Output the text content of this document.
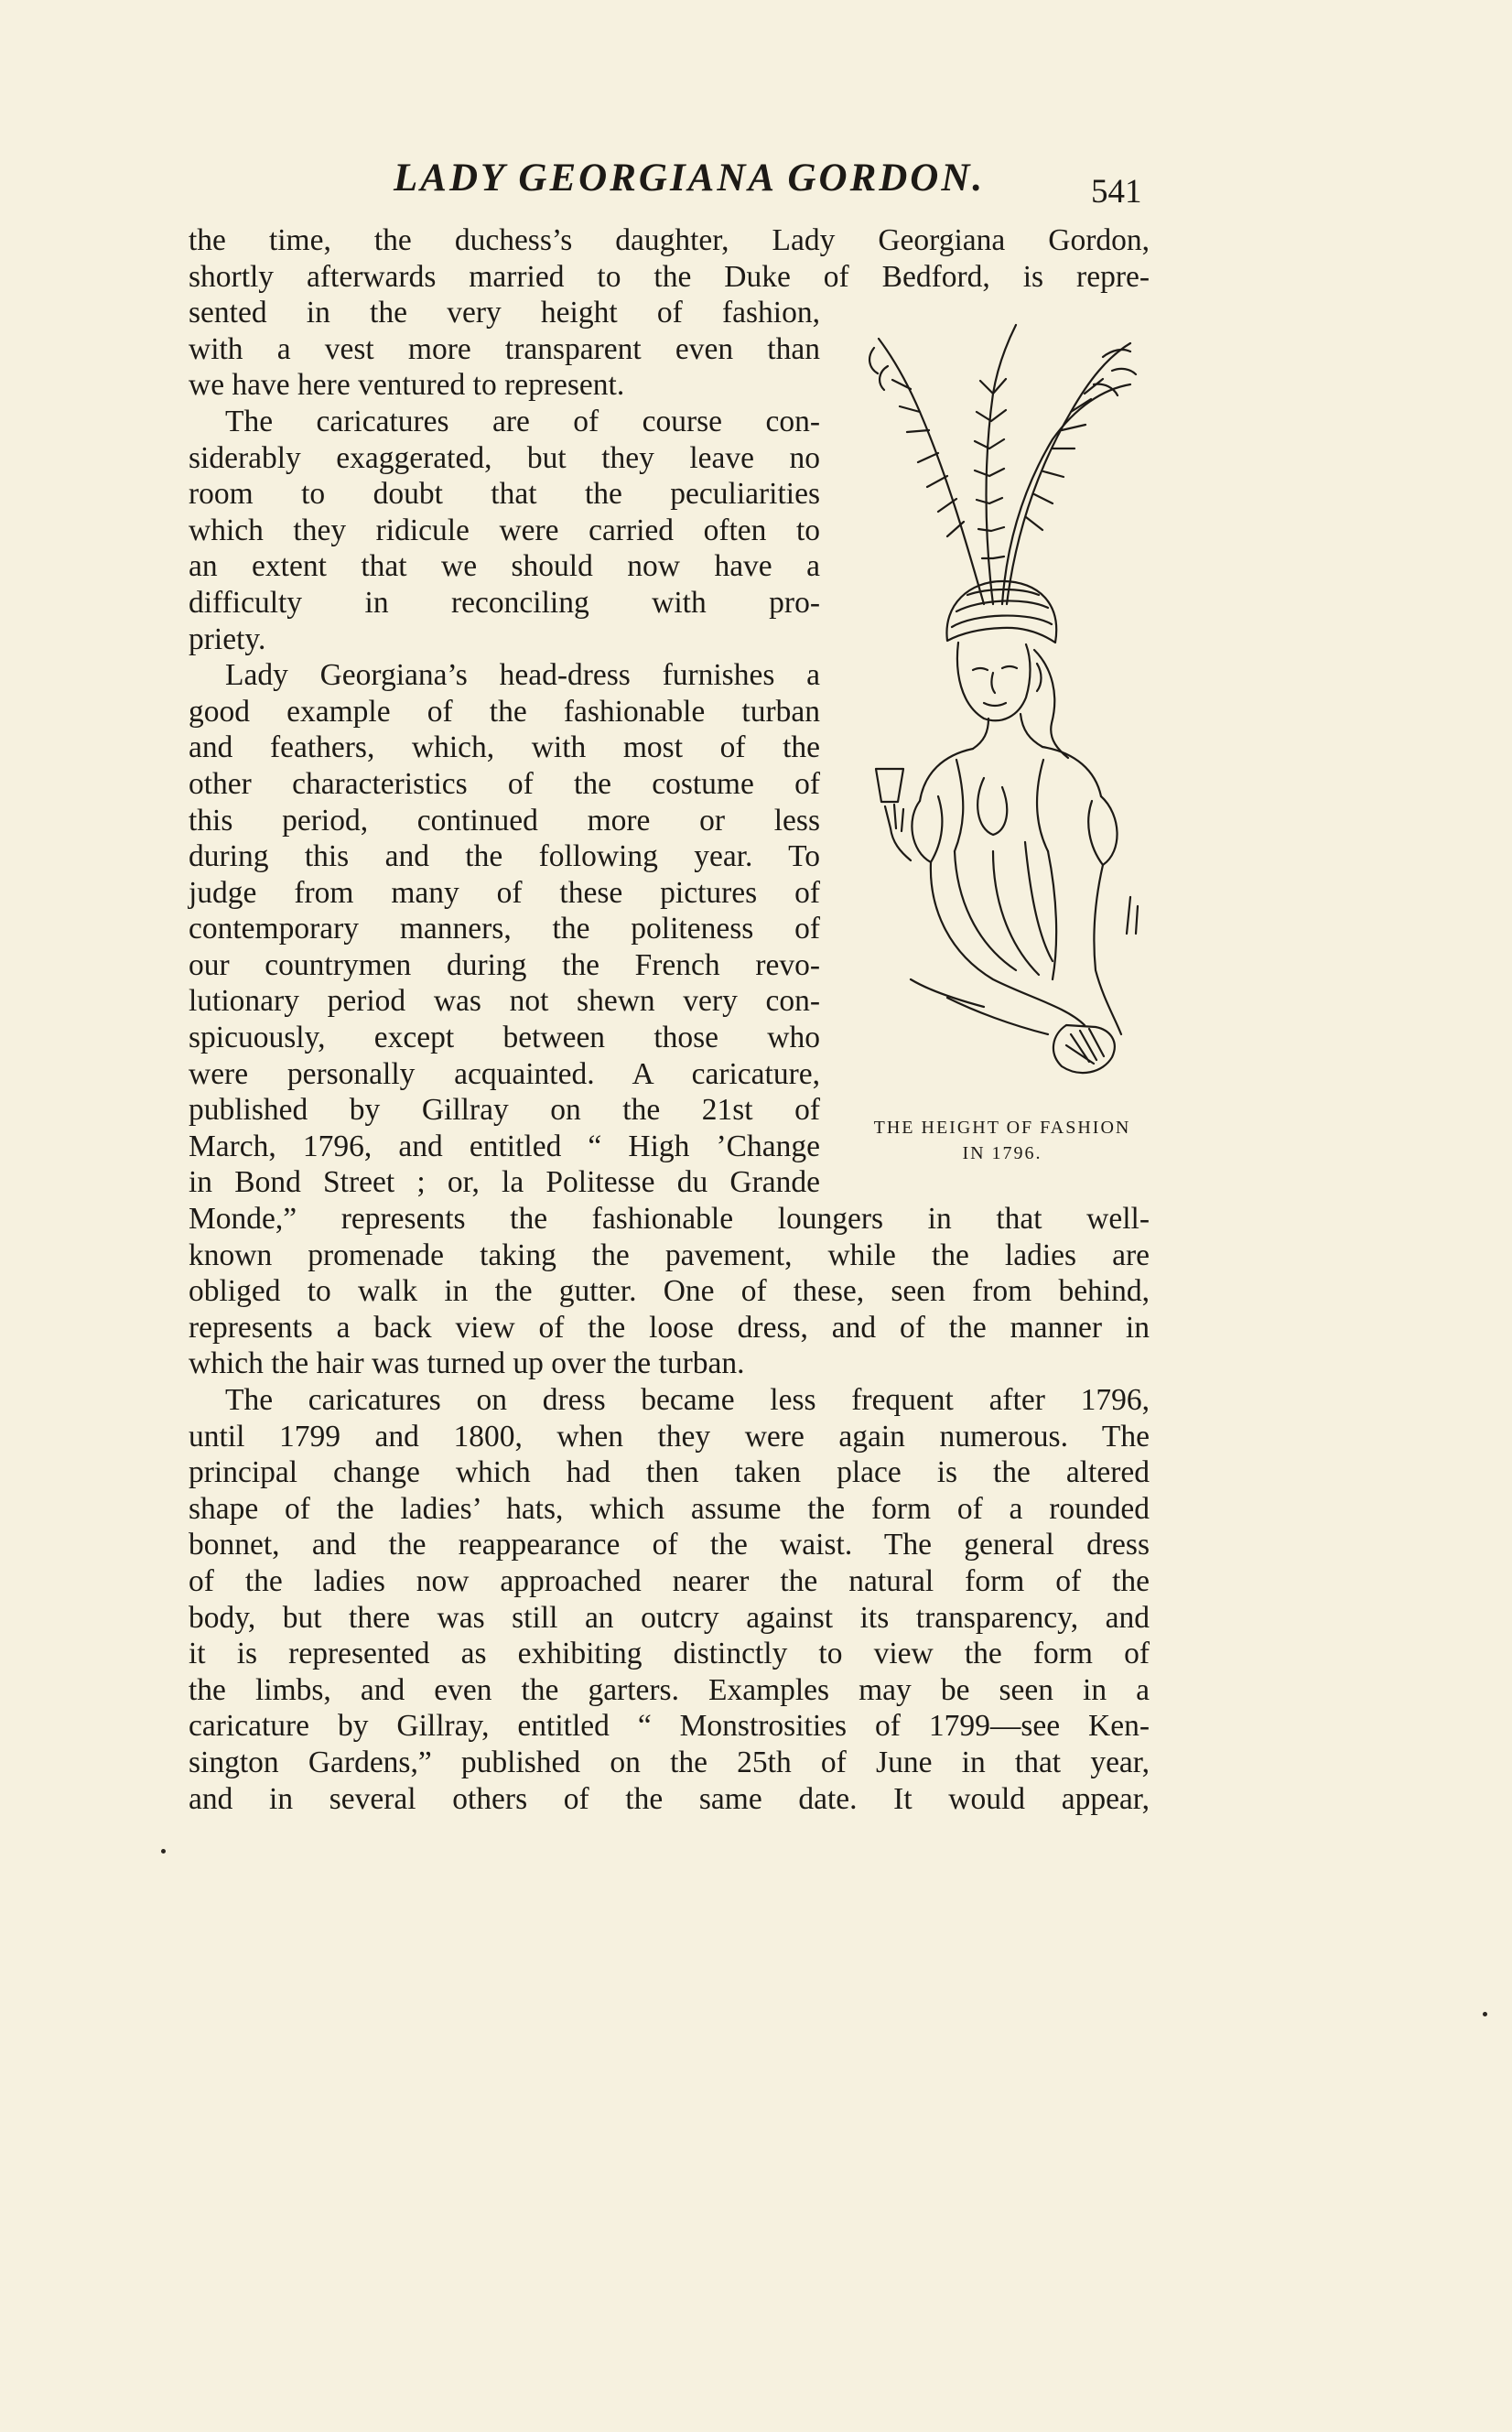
LADY GEORGIANA GORDON.	541
the time, the duchess’s daughter, Lady Georgiana Gordon,
shortly afterwards married to the Duke of Bedford, is repre-
sented in the very height of fashion,
with a vest more transparent even than
we have here ventured to represent.
The caricatures are of course con-
siderably exaggerated, but they leave no
room to doubt that the peculiarities
which they ridicule were carried often to
an extent that we should now have a
difficulty in reconciling with pro-
priety.
Lady Georgiana’s head-dress furnishes a
good example of the fashionable turban
and feathers, which, with most of the
other characteristics of the costume of
this period, continued more or less
during this and the following year. To
judge from many of these pictures of
contemporary manners, the politeness of
our countrymen during the French revo-
lutionary period was not shewn very con-
spicuously, except between those who
were personally acquainted. A caricature,
published by Gillray on the 21st of
March, 1796, and entitled “ High ’Change
in Bond Street ; or, la Politesse du Grande
Monde,” represents the fashionable loungers in that well-
known promenade taking the pavement, while the ladies are
obliged to walk in the gutter. One of these, seen from behind,
represents a back view of the loose dress, and of the manner in
which the hair was turned up over the turban.
The caricatures on dress became less frequent after 1796,
until 1799 and 1800, when they were again numerous. The
principal change which had then taken place is the altered
shape of the ladies’ hats, which assume the form of a rounded
bonnet, and the reappearance of the waist. The general dress
of the ladies now approached nearer the natural form of the
body, but there was still an outcry against its transparency, and
it is represented as exhibiting distinctly to view the form of
the limbs, and even the garters. Examples may be seen in a
caricature by Gillray, entitled “ Monstrosities of 1799—see Ken-
sington Gardens,” published on the 25th of June in that year,
and in several others of the same date. It would appear,
THE HEIGHT OF FASHION
IN 1796.
